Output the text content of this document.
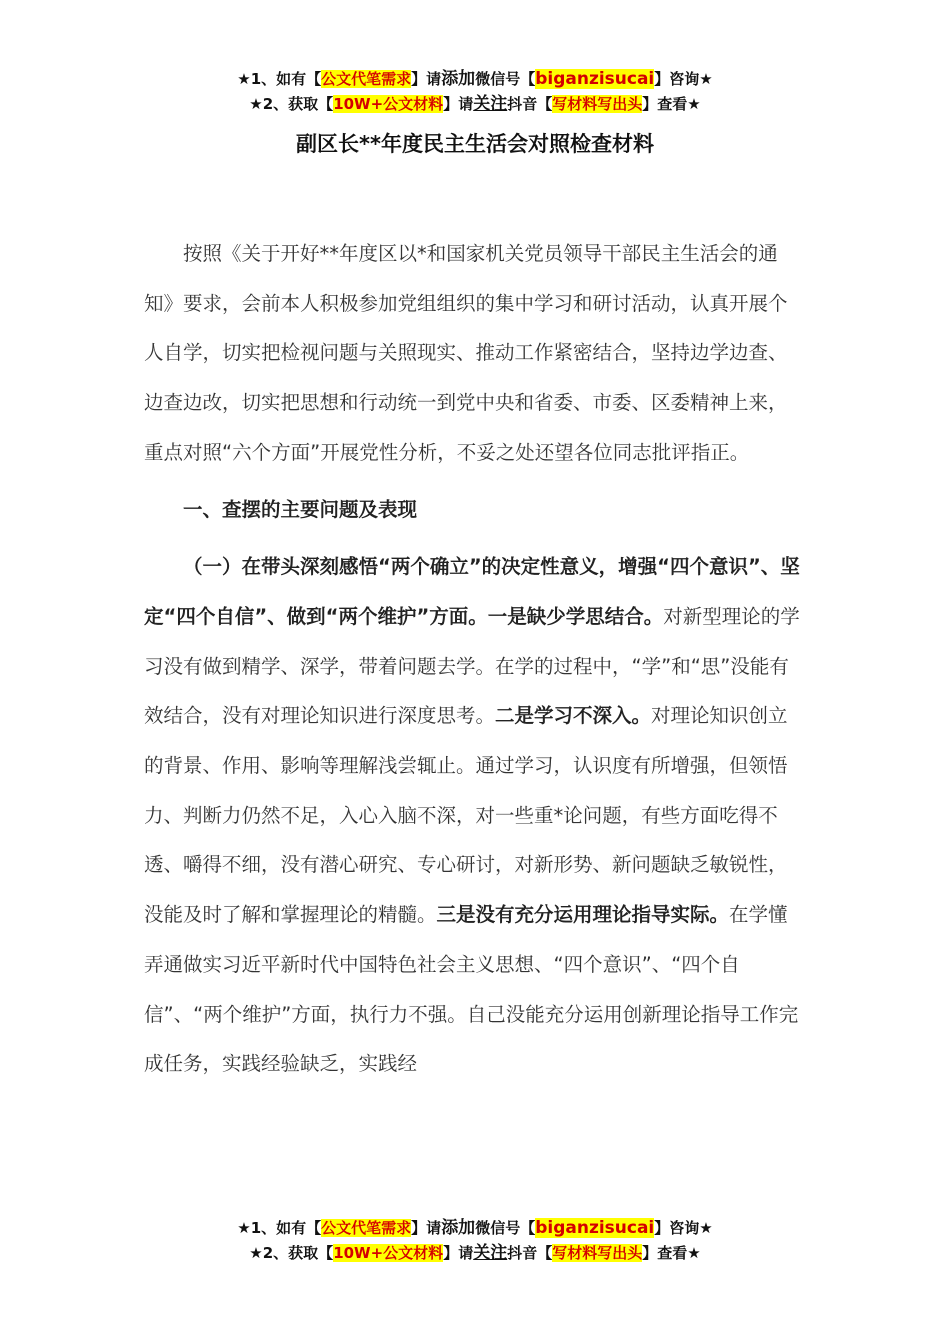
★1、如有【公文代笔需求】请添加微信号【biganzisucai】咨询★
★2、获取【10W+公文材料】请关注抖音【写材料写出头】查看★
副区长**年度民主生活会对照检查材料

按照《关于开好**年度区以*和国家机关党员领导干部民主生活会的通知》要求，会前本人积极参加党组组织的集中学习和研讨活动，认真开展个人自学，切实把检视问题与关照现实、推动工作紧密结合，坚持边学边查、边查边改，切实把思想和行动统一到党中央和省委、市委、区委精神上来，重点对照“六个方面”开展党性分析，不妥之处还望各位同志批评指正。

一、查摆的主要问题及表现

（一）在带头深刻感悟“两个确立”的决定性意义，增强“四个意识”、坚定“四个自信”、做到“两个维护”方面。一是缺少学思结合。对新型理论的学习没有做到精学、深学，带着问题去学。在学的过程中，“学”和“思”没能有效结合，没有对理论知识进行深度思考。二是学习不深入。对理论知识创立的背景、作用、影响等理解浅尝辄止。通过学习，认识度有所增强，但领悟力、判断力仍然不足，入心入脑不深，对一些重*论问题，有些方面吃得不透、嚼得不细，没有潜心研究、专心研讨，对新形势、新问题缺乏敏锐性，没能及时了解和掌握理论的精髓。三是没有充分运用理论指导实际。在学懂弄通做实习近平新时代中国特色社会主义思想、“四个意识”、“四个自信”、“两个维护”方面，执行力不强。自己没能充分运用创新理论指导工作完成任务，实践经验缺乏，实践经

★1、如有【公文代笔需求】请添加微信号【biganzisucai】咨询★
★2、获取【10W+公文材料】请关注抖音【写材料写出头】查看★
